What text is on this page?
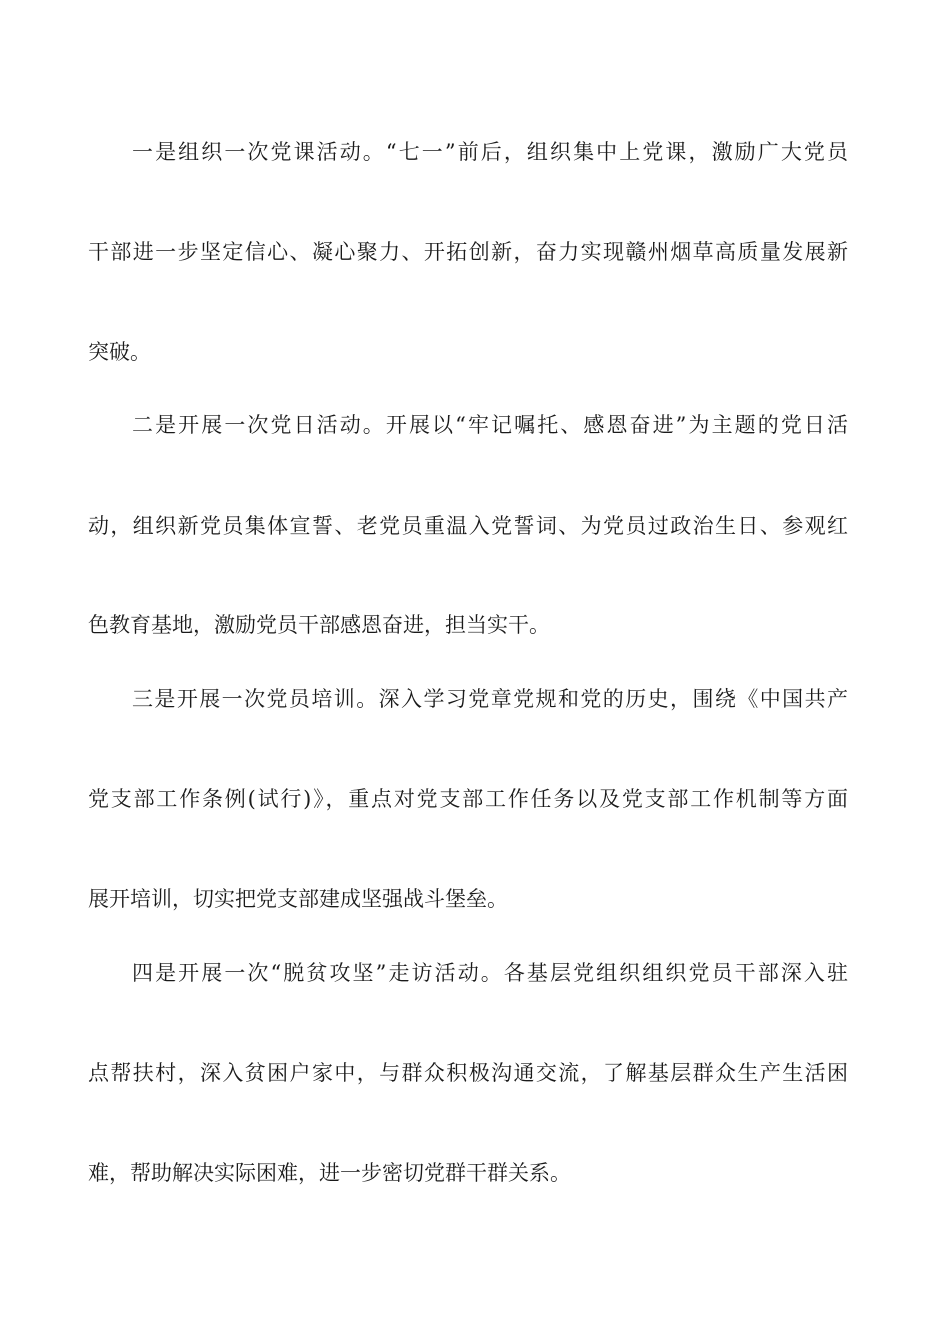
一是组织一次党课活动。“七一”前后，组织集中上党课，激励广大党员
干部进一步坚定信心、凝心聚力、开拓创新，奋力实现赣州烟草高质量发展新
突破。
二是开展一次党日活动。开展以“牢记嘱托、感恩奋进”为主题的党日活
动，组织新党员集体宣誓、老党员重温入党誓词、为党员过政治生日、参观红
色教育基地，激励党员干部感恩奋进，担当实干。
三是开展一次党员培训。深入学习党章党规和党的历史，围绕《中国共产
党支部工作条例(试行)》，重点对党支部工作任务以及党支部工作机制等方面
展开培训，切实把党支部建成坚强战斗堡垒。
四是开展一次“脱贫攻坚”走访活动。各基层党组织组织党员干部深入驻
点帮扶村，深入贫困户家中，与群众积极沟通交流，了解基层群众生产生活困
难，帮助解决实际困难，进一步密切党群干群关系。
